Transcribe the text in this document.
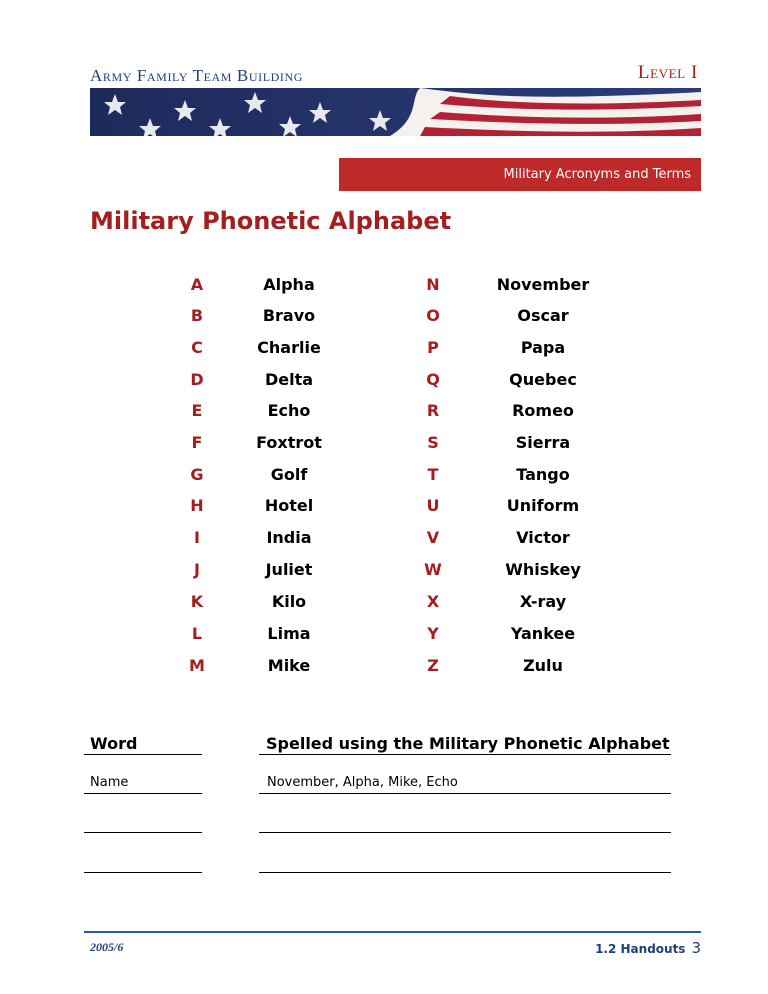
Army Family Team Building	Level I
Military Acronyms and Terms
Military Phonetic Alphabet
A	Alpha
B	Bravo
C	Charlie
D	Delta
E	Echo
F	Foxtrot
G	Golf
H	Hotel
I	India
J	Juliet
K	Kilo
L	Lima
M	Mike
N	November
O	Oscar
P	Papa
Q	Quebec
R	Romeo
S	Sierra
T	Tango
U	Uniform
V	Victor
W	Whiskey
X	X-ray
Y	Yankee
Z	Zulu
Word	Spelled using the Military Phonetic Alphabet
Name	November, Alpha, Mike, Echo
2005/6	1.2 Handouts 3
